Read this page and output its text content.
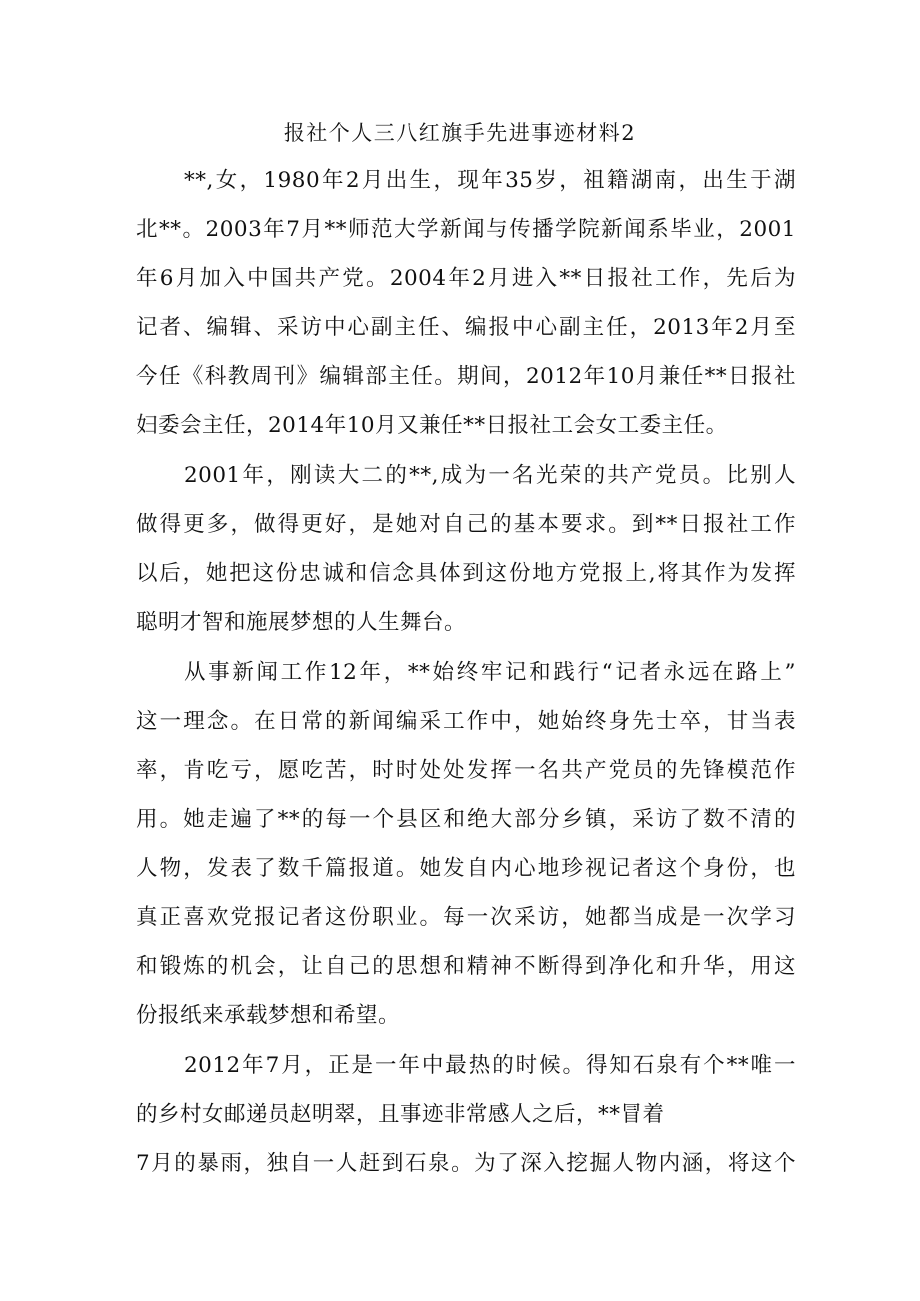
报社个人三八红旗手先进事迹材料2
**,女，1980年2月出生，现年35岁，祖籍湖南，出生于湖
北**。2003年7月**师范大学新闻与传播学院新闻系毕业，2001
年6月加入中国共产党。2004年2月进入**日报社工作，先后为
记者、编辑、采访中心副主任、编报中心副主任，2013年2月至
今任《科教周刊》编辑部主任。期间，2012年10月兼任**日报社
妇委会主任，2014年10月又兼任**日报社工会女工委主任。
2001年，刚读大二的**,成为一名光荣的共产党员。比别人
做得更多，做得更好，是她对自己的基本要求。到**日报社工作
以后，她把这份忠诚和信念具体到这份地方党报上,将其作为发挥
聪明才智和施展梦想的人生舞台。
从事新闻工作12年，**始终牢记和践行“记者永远在路上”
这一理念。在日常的新闻编采工作中，她始终身先士卒，甘当表
率，肯吃亏，愿吃苦，时时处处发挥一名共产党员的先锋模范作
用。她走遍了**的每一个县区和绝大部分乡镇，采访了数不清的
人物，发表了数千篇报道。她发自内心地珍视记者这个身份，也
真正喜欢党报记者这份职业。每一次采访，她都当成是一次学习
和锻炼的机会，让自己的思想和精神不断得到净化和升华，用这
份报纸来承载梦想和希望。
2012年7月，正是一年中最热的时候。得知石泉有个**唯一
的乡村女邮递员赵明翠，且事迹非常感人之后，**冒着
7月的暴雨，独自一人赶到石泉。为了深入挖掘人物内涵，将这个
